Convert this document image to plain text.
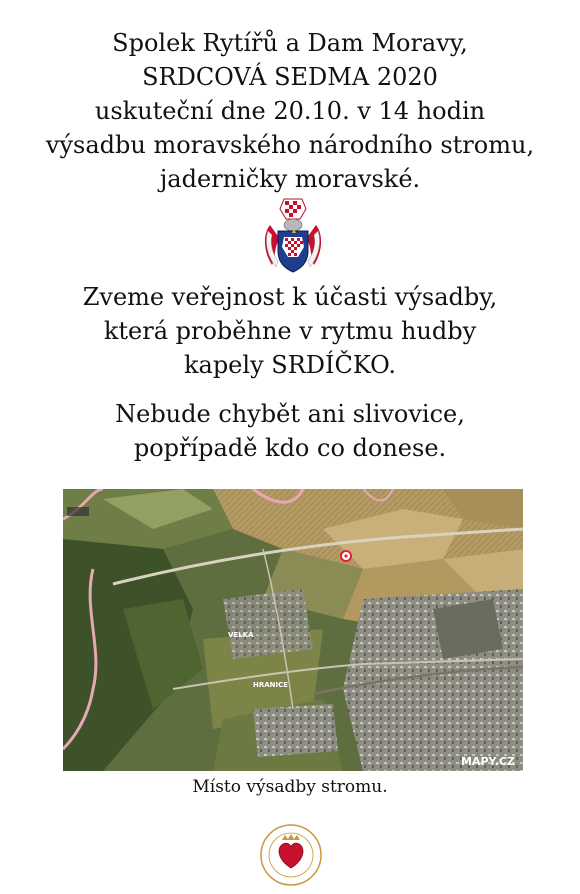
Spolek Rytířů a Dam Moravy,
SRDCOVÁ SEDMA 2020
uskuteční dne 20.10. v 14 hodin
výsadbu moravského národního stromu,
jaderničky moravské.
Zveme veřejnost k účasti výsadby,
která proběhne v rytmu hudby
kapely SRDÍČKO.
Nebude chybět ani slivovice,
popřípadě kdo co donese.
VELKÁ
HRANICE
MAPY.CZ
Místo výsadby stromu.
